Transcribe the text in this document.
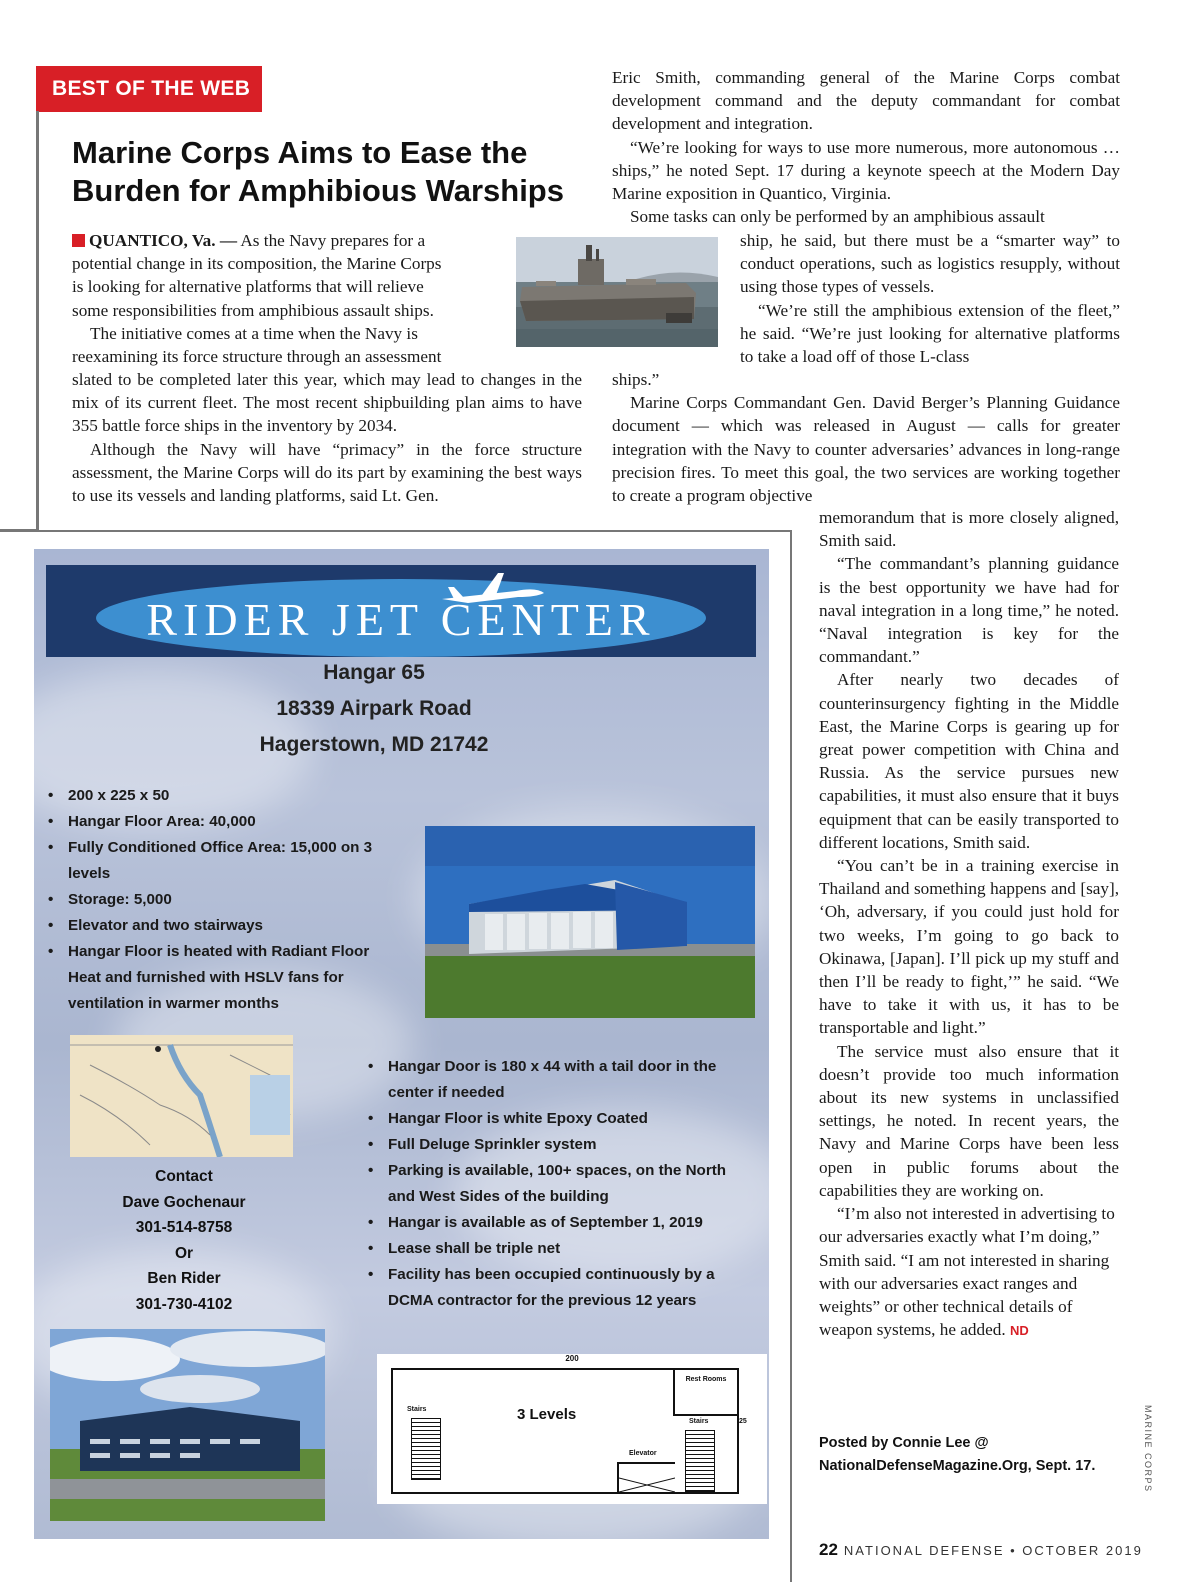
BEST OF THE WEB
Marine Corps Aims to Ease the
Burden for Amphibious Warships

QUANTICO, Va. — As the Navy prepares for a

potential change in its composition, the Marine Corps

is looking for alternative platforms that will relieve

some responsibilities from amphibious assault ships.

The initiative comes at a time when the Navy is

reexamining its force structure through an assessment

slated to be completed later this year, which may lead to changes in the mix of its current fleet. The most recent shipbuilding plan aims to have 355 battle force ships in the inventory by 2034.

Although the Navy will have “primacy” in the force structure assessment, the Marine Corps will do its part by examining the best ways to use its vessels and landing platforms, said Lt. Gen.

Eric Smith, commanding general of the Marine Corps combat development command and the deputy commandant for combat development and integration.

“We’re looking for ways to use more numerous, more autonomous … ships,” he noted Sept. 17 during a keynote speech at the Modern Day Marine exposition in Quantico, Virginia.

Some tasks can only be performed by an amphibious assault

ship, he said, but there must be a “smarter way” to conduct operations, such as logistics resupply, without using those types of vessels.

“We’re still the amphibious extension of the fleet,” he said. “We’re just looking for alternative platforms to take a load off of those L-class

ships.”

Marine Corps Commandant Gen. David Berger’s Planning Guidance document — which was released in August — calls for greater integration with the Navy to counter adversaries’ advances in long-range precision fires. To meet this goal, the two services are working together to create a program objective

memorandum that is more closely aligned, Smith said.

“The commandant’s planning guidance is the best opportunity we have had for naval integration in a long time,” he noted. “Naval integration is key for the commandant.”

After nearly two decades of counterinsurgency fighting in the Middle East, the Marine Corps is gearing up for great power competition with China and Russia. As the service pursues new capabilities, it must also ensure that it buys equipment that can be easily transported to different locations, Smith said.

“You can’t be in a training exercise in Thailand and something happens and [say], ‘Oh, adversary, if you could just hold for two weeks, I’m going to go back to Okinawa, [Japan]. I’ll pick up my stuff and then I’ll be ready to fight,’” he said. “We have to take it with us, it has to be transportable and light.”

The service must also ensure that it doesn’t provide too much information about its new systems in unclassified settings, he noted. In recent years, the Navy and Marine Corps have been less open in public forums about the capabilities they are working on.

“I’m also not interested in advertising to our adversaries exactly what I’m doing,” Smith said. “I am not interested in sharing with our adversaries exact ranges and weights” or other technical details of weapon systems, he added. ND

Posted by Connie Lee @
NationalDefenseMagazine.Org, Sept. 17.	MARINE CORPS
22 NATIONAL DEFENSE • OCTOBER 2019
RIDER JET CENTER
Hangar 65
18339 Airpark Road
Hagerstown, MD 21742
• 200 x 225 x 50
• Hangar Floor Area: 40,000
• Fully Conditioned Office Area: 15,000 on 3 levels
• Storage: 5,000
• Elevator and two stairways
• Hangar Floor is heated with Radiant Floor Heat and furnished with HSLV fans for ventilation in warmer months
• Hangar Door is 180 x 44 with a tail door in the center if needed
• Hangar Floor is white Epoxy Coated
• Full Deluge Sprinkler system
• Parking is available, 100+ spaces, on the North and West Sides of the building
• Hangar is available as of September 1, 2019
• Lease shall be triple net
• Facility has been occupied continuously by a DCMA contractor for the previous 12 years
Contact
Dave Gochenaur
301-514-8758
Or
Ben Rider
301-730-4102
200
Rest Rooms
Stairs
Stairs
3 Levels
Elevator
25
